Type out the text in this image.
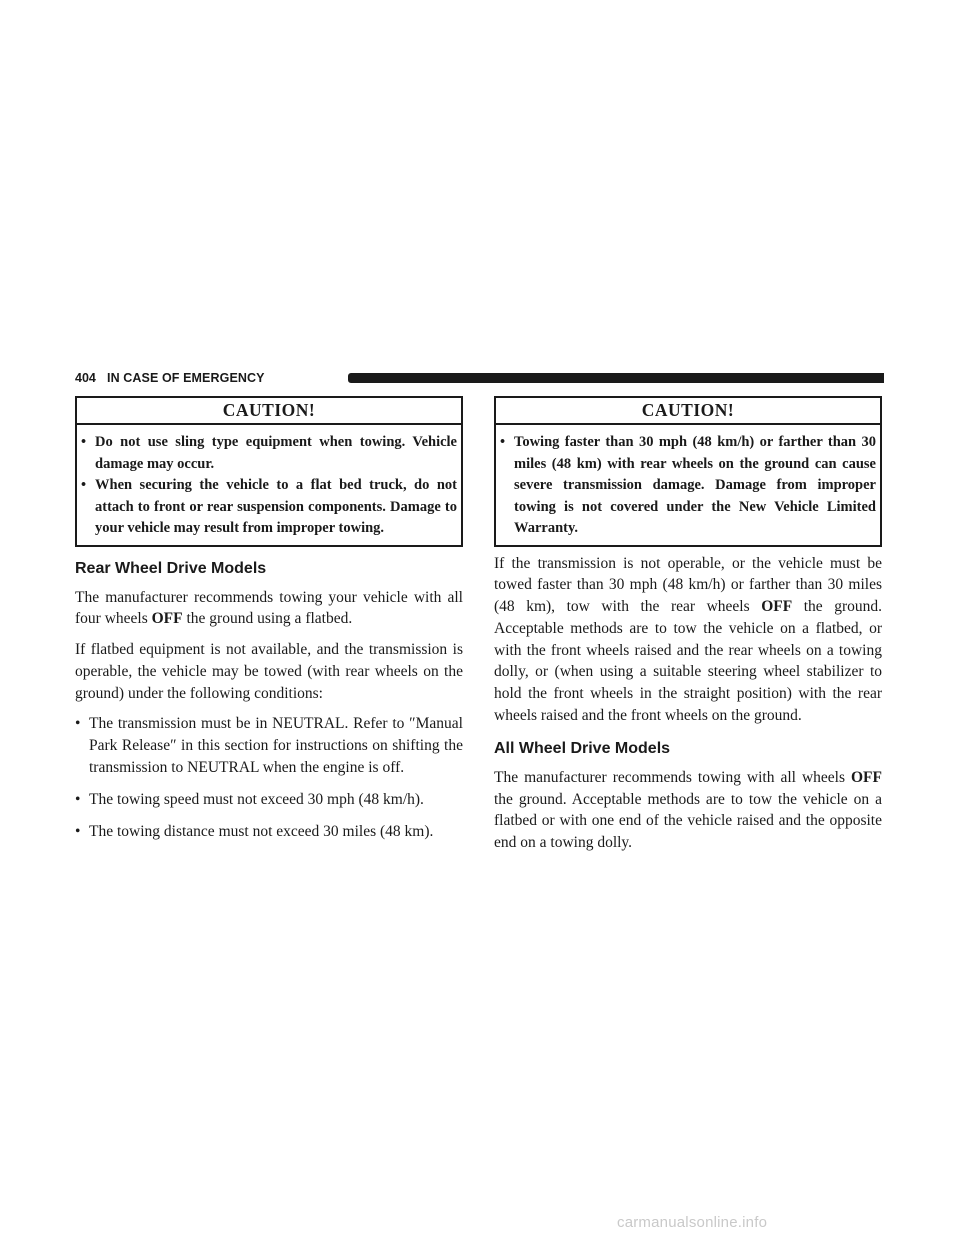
404 IN CASE OF EMERGENCY
CAUTION!
• Do not use sling type equipment when towing. Vehicle damage may occur.
• When securing the vehicle to a flat bed truck, do not attach to front or rear suspension components. Damage to your vehicle may result from improper towing.
Rear Wheel Drive Models

The manufacturer recommends towing your vehicle with all four wheels OFF the ground using a flatbed.

If flatbed equipment is not available, and the transmission is operable, the vehicle may be towed (with rear wheels on the ground) under the following conditions:

• The transmission must be in NEUTRAL. Refer to ″Manual Park Release″ in this section for instructions on shifting the transmission to NEUTRAL when the engine is off.
• The towing speed must not exceed 30 mph (48 km/h).
• The towing distance must not exceed 30 miles (48 km).
CAUTION!
• Towing faster than 30 mph (48 km/h) or farther than 30 miles (48 km) with rear wheels on the ground can cause severe transmission damage. Damage from improper towing is not covered under the New Vehicle Limited Warranty.

If the transmission is not operable, or the vehicle must be towed faster than 30 mph (48 km/h) or farther than 30 miles (48 km), tow with the rear wheels OFF the ground. Acceptable methods are to tow the vehicle on a flatbed, or with the front wheels raised and the rear wheels on a towing dolly, or (when using a suitable steering wheel stabilizer to hold the front wheels in the straight position) with the rear wheels raised and the front wheels on the ground.

All Wheel Drive Models

The manufacturer recommends towing with all wheels OFF the ground. Acceptable methods are to tow the vehicle on a flatbed or with one end of the vehicle raised and the opposite end on a towing dolly.

carmanualsonline.info
